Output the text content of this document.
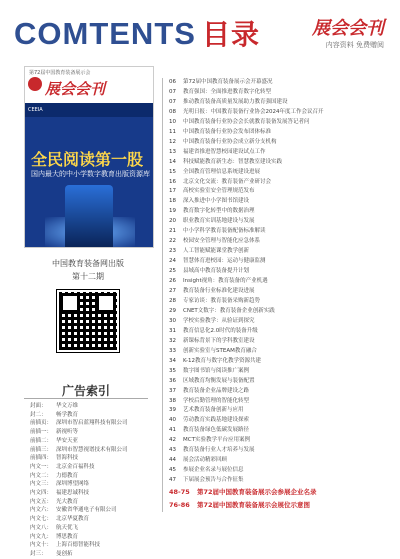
COMTENTS 目录	展会会刊
内容资料 免费赠阅
第72届中国教育装备展示会
展会会刊
CEEIA
全民阅读第一股
国内最大的中小学数字教育出版资源库
中国教育装备网出版
第十二期
广告索引
封面： 华文万维
封二： 畅学教育
前插页： 深圳市智启蓝翔科技有限公司
前插一： 新视听等
前插二： 华安天亚
前插三： 深圳市智慧视谱技术有限公司
前插四： 智海科技
内文一： 北京金百福科技
内文二： 力德教育
内文三： 深圳博望网络
内文四： 福建思诚科技
内文五： 光大教育
内文六： 安徽省华通电子有限公司
内文七： 北京华夏教育
内文八： 航天优飞
内文九： 博思教育
内文十： 上海百德智能科技
封三： 曼创拓
06 第72届中国教育装备展示会开幕盛况
07 教育强国：全面推进教育数字化转型
07 推动教育装备高质量发展助力教育强国建设
08 光明日报：中国教育装备行业协会2024年度工作会议召开
10 中国教育装备行业协会会长就教育装备发展答记者问
11 中国教育装备行业协会发布团体标准
12 中国教育装备行业协会成立新分支机构
13 福建省推进智慧校园建设试点工作
14 科技赋能教育新生态：智慧教室建设实践
15 全国教育管理信息系统建设进展
16 北京文化交流：教育装备产业研讨会
17 高校实验室安全管理规范发布
18 深入推进中小学图书馆建设
19 教育数字化转型中的数据治理
20 职业教育实训基地建设与发展
21 中小学科学教育装备配备标准解读
22 校园安全管理与智能化应急体系
23 人工智能赋能课堂教学创新
24 智慧体育进校园：运动与健康监测
25 县域高中教育装备提升计划
26 Insight视角：教育装备的产业机遇
27 教育装备行业标准化建设进展
28 专家访谈：教育装备采购新趋势
29 CNET文数字：教育装备企业创新实践
30 学校实验教学：从验证到探究
31 教育信息化2.0时代的装备升级
32 新课标背景下的学科教室建设
33 创新实验室与STEAM教育融合
34 K-12教育与数字化教学资源共建
35 数字图书馆与阅读推广案例
36 区域教育均衡发展与装备配置
37 教育装备企业品牌建设之路
38 学校后勤管理的智能化转型
39 艺术教育装备创新与应用
40 劳动教育实践基地建设探索
41 教育装备绿色低碳发展路径
42 MCT实验教学平台应用案例
43 教育装备行业人才培养与发展
44 展会活动精彩回顾
45 参展企业名录与展位信息
47 下届展会预告与合作征集
48-75 第72届中国教育装备展示会参展企业名录
76-86 第72届中国教育装备展示会展位示意图
